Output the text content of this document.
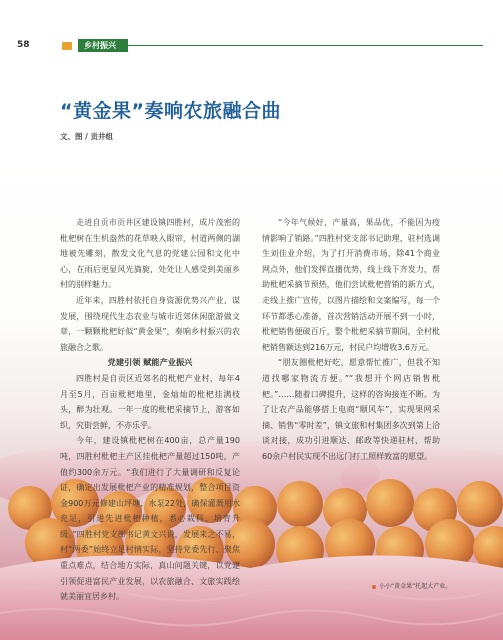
58	乡村振兴
“黄金果”奏响农旅融合曲
文、图 / 贡井组

走进自贡市贡井区建设镇四胜村，成片茂密的枇杷树在生机盎然的花草映入眼帘，村道两侧的湖地被先雕刻，散发文化气息的党建公园和文化中心，在雨后更显风光旖旎，处处让人感受到美丽乡村的别样魅力。

近年来，四胜村依托自身资源优势兴产业、谋发展，围绕现代生态农业与城市近郊休闲旅游做文章，一颗颗枇杷好似“黄金果”，奏响乡村振兴的农旅融合之歌。

党建引领 赋能产业振兴

四胜村是自贡区近郊名的枇杷产业村，每年4月至5月，百亩枇杷地里，金灿灿的枇杷挂满枝头，醉为壮观。一年一度的枇杷采摘节上，游客如织，究街尝鲜，不亦乐乎。

今年，建设镇枇杷树在400亩，总产量190吨，四胜村枇杷主产区挂枇杷产量超过150吨，产值约300余万元。“我们进行了大量调研和反复论证，确定出发展枇杷产业的精准规划，整合项目资金900万元修建山坪塘，水泵22处，确保灌溉用水充足，引进先进枇杷种植，悉心栽科、培育升级。”四胜村党支部书记黄文兴说，发展来之不易，村“两委”始终立足村情实际，坚持党委先行、聚焦重点难点，结合地方实际，真山问题关键，以党建引领促进富民产业发展，以农旅融合、文旅实践绘就美丽宜居乡村。

“今年气候好，产量高，果品优，不能因为疫情影响了销路。”四胜村党支部书记助理、驻村选调生刘佳业介绍，为了打开消费市场，除41个商业网点外，他们发挥直播优势，线上线下齐发力，帮助枇杷采摘节预热，他们尝试枇杷营销的新方式，走线上推广宣传，以图片描绘和文案编写，每一个环节都悉心准备，首次营销活动开展不到一小时，枇杷销售便破百斤，整个枇杷采摘节期间，全村枇杷销售额达到216万元，村民户均增收3.6万元。

“朋友圈枇杷好吃，愿意帮忙推广，但我不知道找哪家物流方便。”“我想开个网店销售枇杷。”……随着口碑提升，这样的咨询接连不断。为了让农产品能够搭上电商“顺风车”，实现果网采摘、销售“零时差”，镇文旅和村集团多次到第上洽谈对接，成功引进顺达、邮政等快递驻村，帮助60余户村民实现不出远门打工照样致富的愿望。

小小“黄金果”托起大产业。
